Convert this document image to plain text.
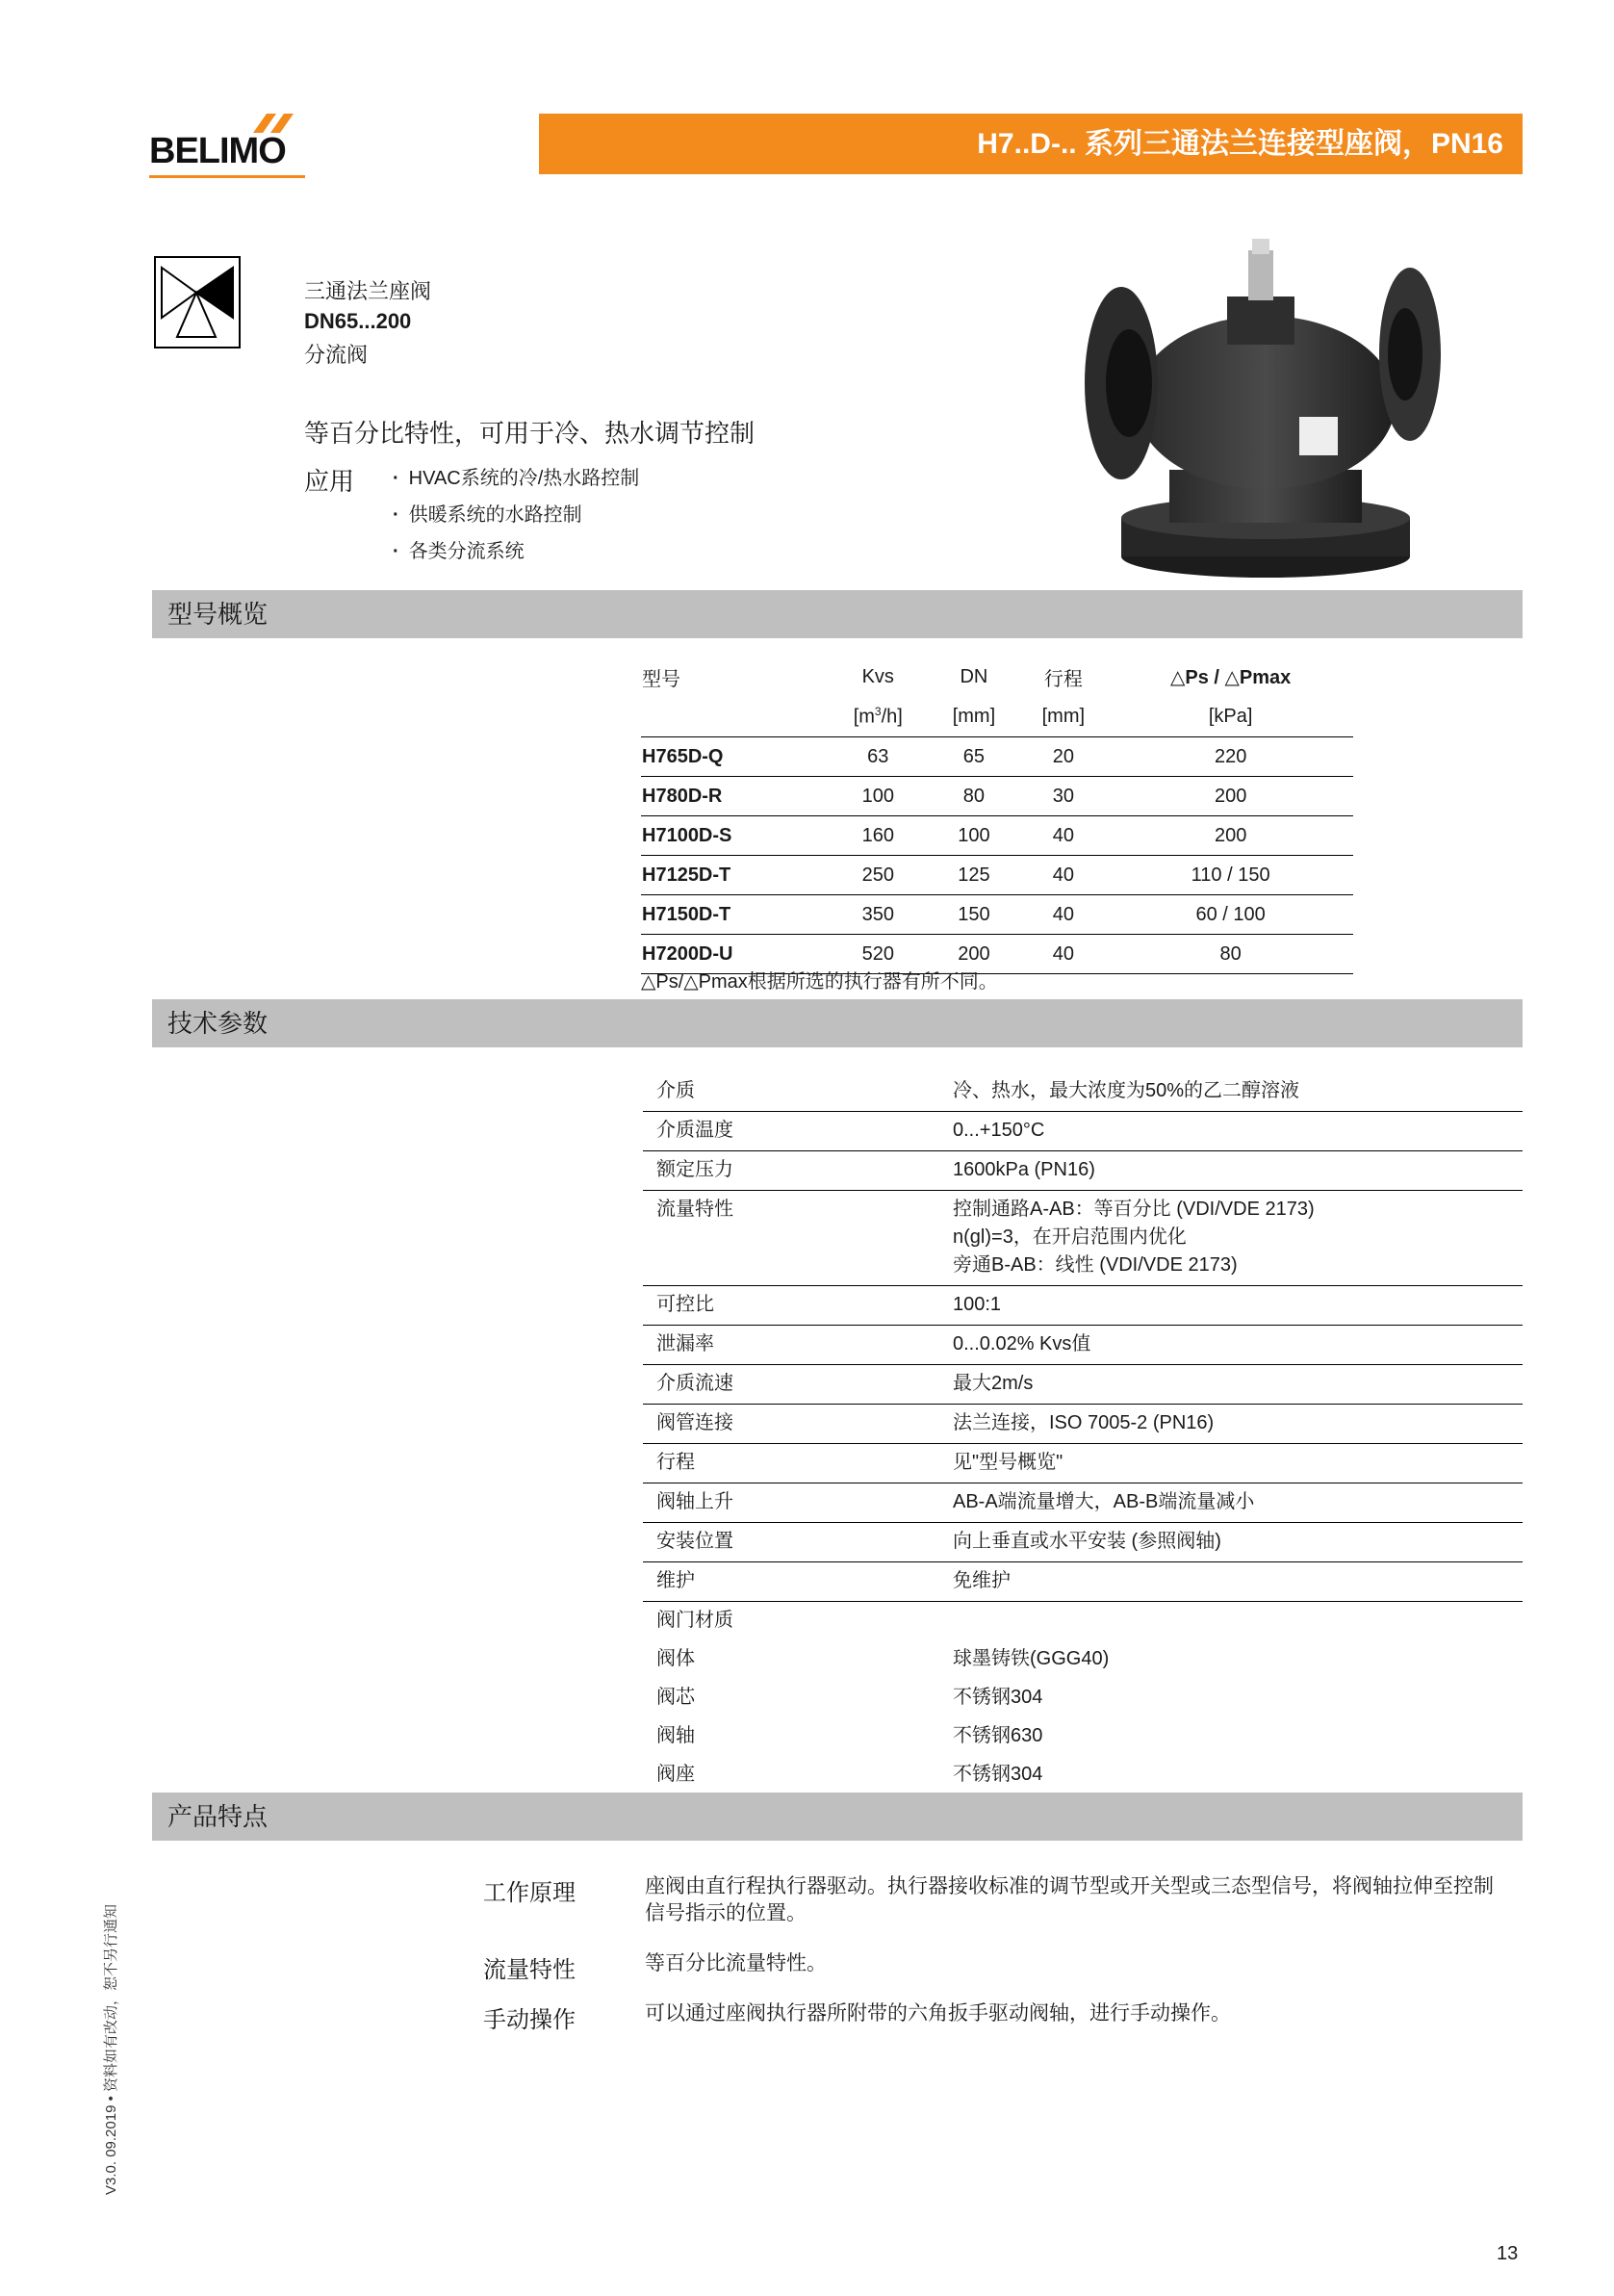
BELIMO	H7..D-.. 系列三通法兰连接型座阀，PN16
三通法兰座阀
DN65...200
分流阀
等百分比特性，可用于冷、热水调节控制
应用	· HVAC系统的冷/热水路控制
· 供暖系统的水路控制
· 各类分流系统
型号概览
型号	Kvs	DN	行程	△Ps / △Pmax
	$[m^3/h]$	[mm]	[mm]	[kPa]
H765D-Q	63	65	20	220
H780D-R	100	80	30	200
H7100D-S	160	100	40	200
H7125D-T	250	125	40	110 / 150
H7150D-T	350	150	40	60 / 100
H7200D-U	520	200	40	80
△Ps/△Pmax根据所选的执行器有所不同。
技术参数
介质	冷、热水，最大浓度为50%的乙二醇溶液
介质温度	0...+150°C
额定压力	1600kPa (PN16)
流量特性	控制通路A-AB：等百分比 (VDI/VDE 2173)
n(gl)=3，在开启范围内优化
旁通B-AB：线性 (VDI/VDE 2173)
可控比	100:1
泄漏率	0...0.02% Kvs值
介质流速	最大2m/s
阀管连接	法兰连接，ISO 7005-2 (PN16)
行程	见"型号概览"
阀轴上升	AB-A端流量增大，AB-B端流量减小
安装位置	向上垂直或水平安装 (参照阀轴)
维护	免维护
阀门材质
阀体	球墨铸铁(GGG40)
阀芯	不锈钢304
阀轴	不锈钢630
阀座	不锈钢304
产品特点
工作原理	座阀由直行程执行器驱动。执行器接收标准的调节型或开关型或三态型信号，将阀轴拉伸至控制信号指示的位置。
流量特性	等百分比流量特性。
手动操作	可以通过座阀执行器所附带的六角扳手驱动阀轴，进行手动操作。
V3.0. 09.2019 • 资料如有改动，恕不另行通知
13
